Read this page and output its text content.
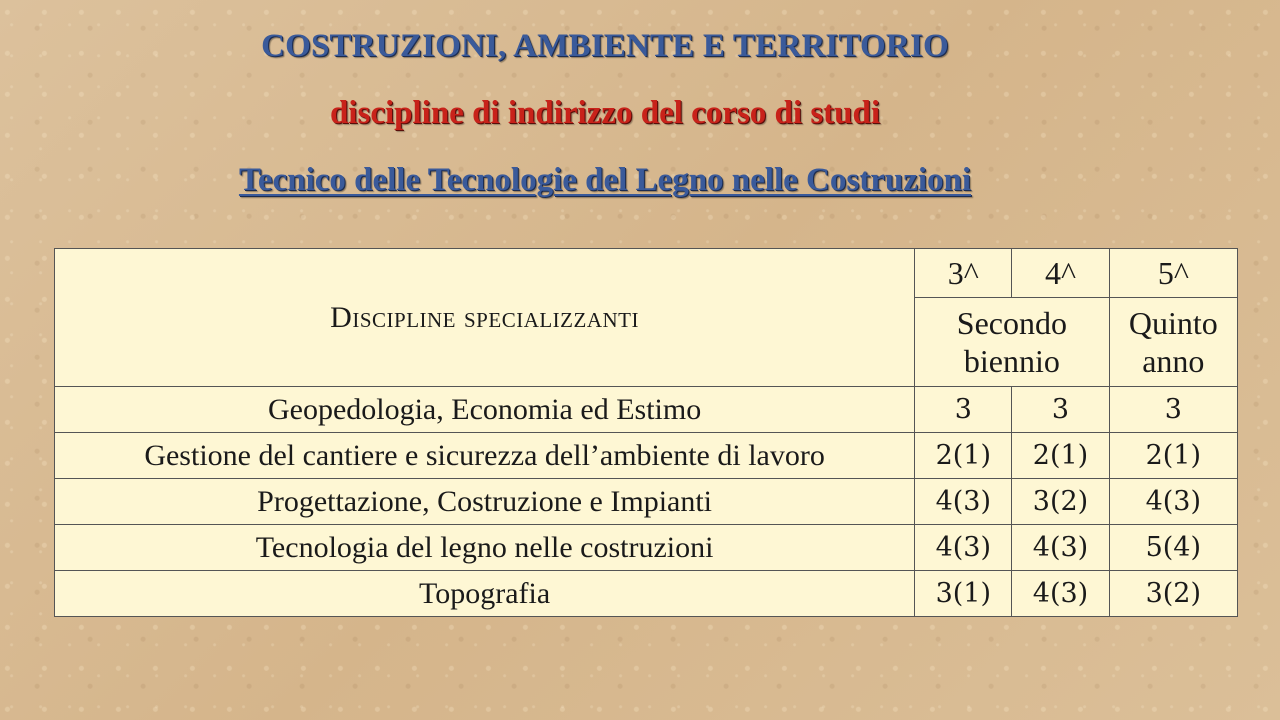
COSTRUZIONI, AMBIENTE E TERRITORIO
discipline di indirizzo del corso di studi
Tecnico delle Tecnologie del Legno nelle Costruzioni
Discipline specializzanti	3^	4^	5^
	Secondo biennio		Quinto anno
Geopedologia, Economia ed Estimo	3	3	3
Gestione del cantiere e sicurezza dell’ambiente di lavoro	2(1)	2(1)	2(1)
Progettazione, Costruzione e Impianti	4(3)	3(2)	4(3)
Tecnologia del legno nelle costruzioni	4(3)	4(3)	5(4)
Topografia	3(1)	4(3)	3(2)
